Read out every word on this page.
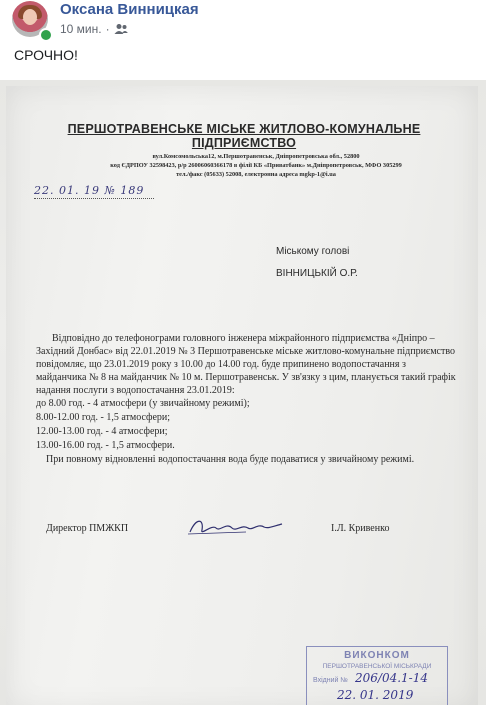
Оксана Винницкая
10 мин. ·
СРОЧНО!
ПЕРШОТРАВЕНСЬКЕ МІСЬКЕ ЖИТЛОВО-КОМУНАЛЬНЕ ПІДПРИЄМСТВО
вул.Комсомольська12, м.Першотравенськ, Дніпропетровська обл., 52800
код ЄДРПОУ 32598423, р/р 26006060366178 в філії КБ «Приватбанк» м.Дніпропетровськ, МФО 305299
тел./факс (05633) 52008, електронна адреса mgkp-1@i.ua
22. 01. 19 № 189
Міському голові
ВІННИЦЬКІЙ О.Р.
Відповідно до телефонограми головного інженера міжрайонного підприємства «Дніпро – Західний Донбас» від 22.01.2019 № 3 Першотравенське міське житлово-комунальне підприємство повідомляє, що 23.01.2019 року з 10.00 до 14.00 год. буде припинено водопостачання з майданчика № 8 на майданчик № 10 м. Першотравенськ. У зв'язку з цим, планується такий графік надання послуги з водопостачання 23.01.2019:
до 8.00 год. - 4 атмосфери (у звичайному режимі);
8.00-12.00 год. - 1,5 атмосфери;
12.00-13.00 год. - 4 атмосфери;
13.00-16.00 год. - 1,5 атмосфери.
При повному відновленні водопостачання вода буде подаватися у звичайному режимі.
Директор ПМЖКП	І.Л. Кривенко
ВИКОНКОМ
ПЕРШОТРАВЕНСЬКОЇ МІСЬКРАДИ
Вхідний № 206/04.1-14
22. 01. 2019
